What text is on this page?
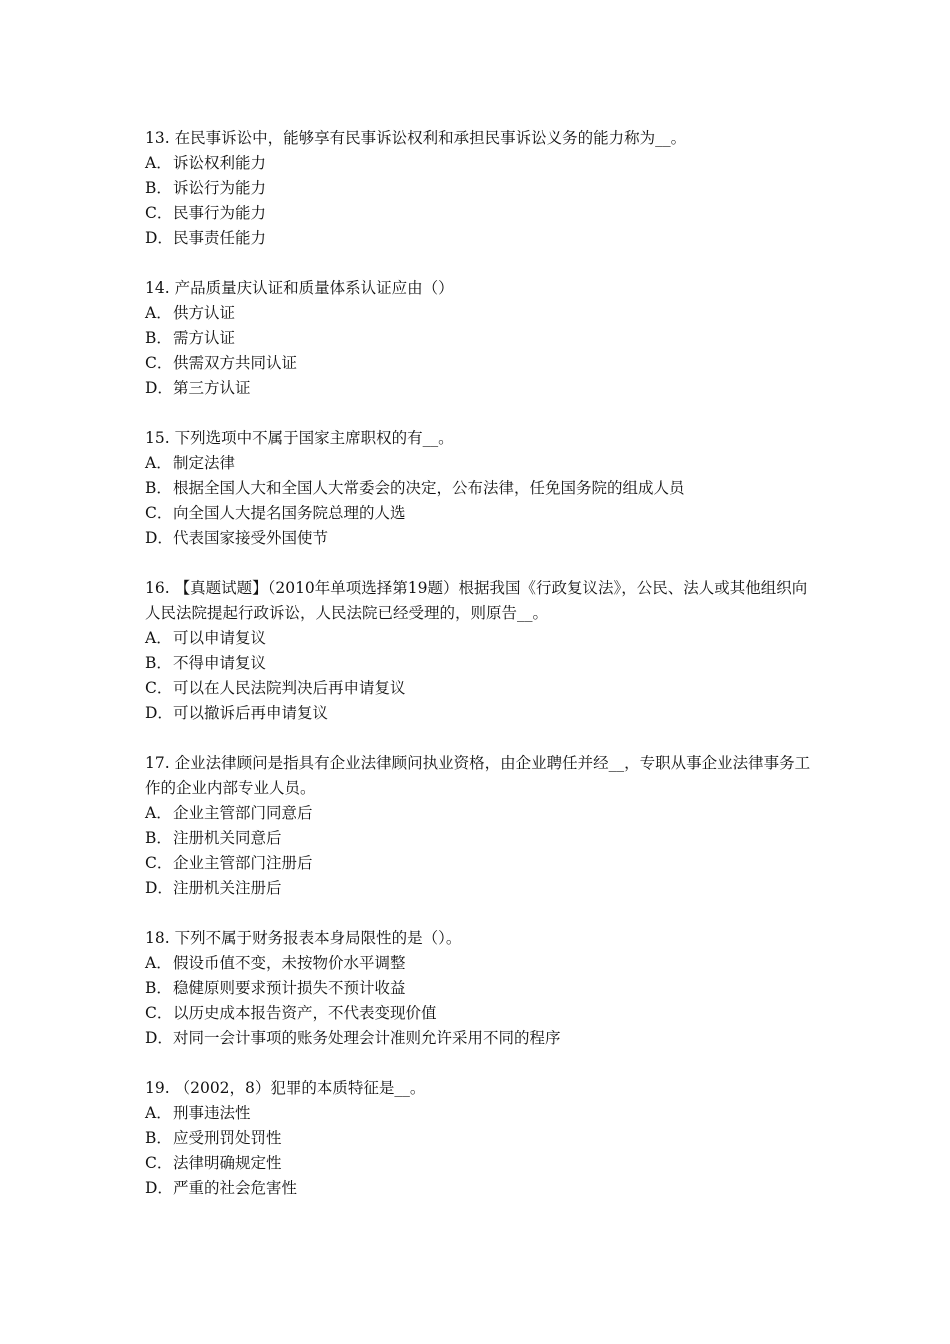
13. 在民事诉讼中，能够享有民事诉讼权利和承担民事诉讼义务的能力称为__。
A．诉讼权利能力
B．诉讼行为能力
C．民事行为能力
D．民事责任能力
14. 产品质量庆认证和质量体系认证应由（）
A．供方认证
B．需方认证
C．供需双方共同认证
D．第三方认证
15. 下列选项中不属于国家主席职权的有__。
A．制定法律
B．根据全国人大和全国人大常委会的决定，公布法律，任免国务院的组成人员
C．向全国人大提名国务院总理的人选
D．代表国家接受外国使节
16. 【真题试题】（2010年单项选择第19题）根据我国《行政复议法》，公民、法人或其他组织向人民法院提起行政诉讼，人民法院已经受理的，则原告__。
A．可以申请复议
B．不得申请复议
C．可以在人民法院判决后再申请复议
D．可以撤诉后再申请复议
17. 企业法律顾问是指具有企业法律顾问执业资格，由企业聘任并经__，专职从事企业法律事务工作的企业内部专业人员。
A．企业主管部门同意后
B．注册机关同意后
C．企业主管部门注册后
D．注册机关注册后
18. 下列不属于财务报表本身局限性的是（）。
A．假设币值不变，未按物价水平调整
B．稳健原则要求预计损失不预计收益
C．以历史成本报告资产，不代表变现价值
D．对同一会计事项的账务处理会计准则允许采用不同的程序
19. （2002，8）犯罪的本质特征是__。
A．刑事违法性
B．应受刑罚处罚性
C．法律明确规定性
D．严重的社会危害性
